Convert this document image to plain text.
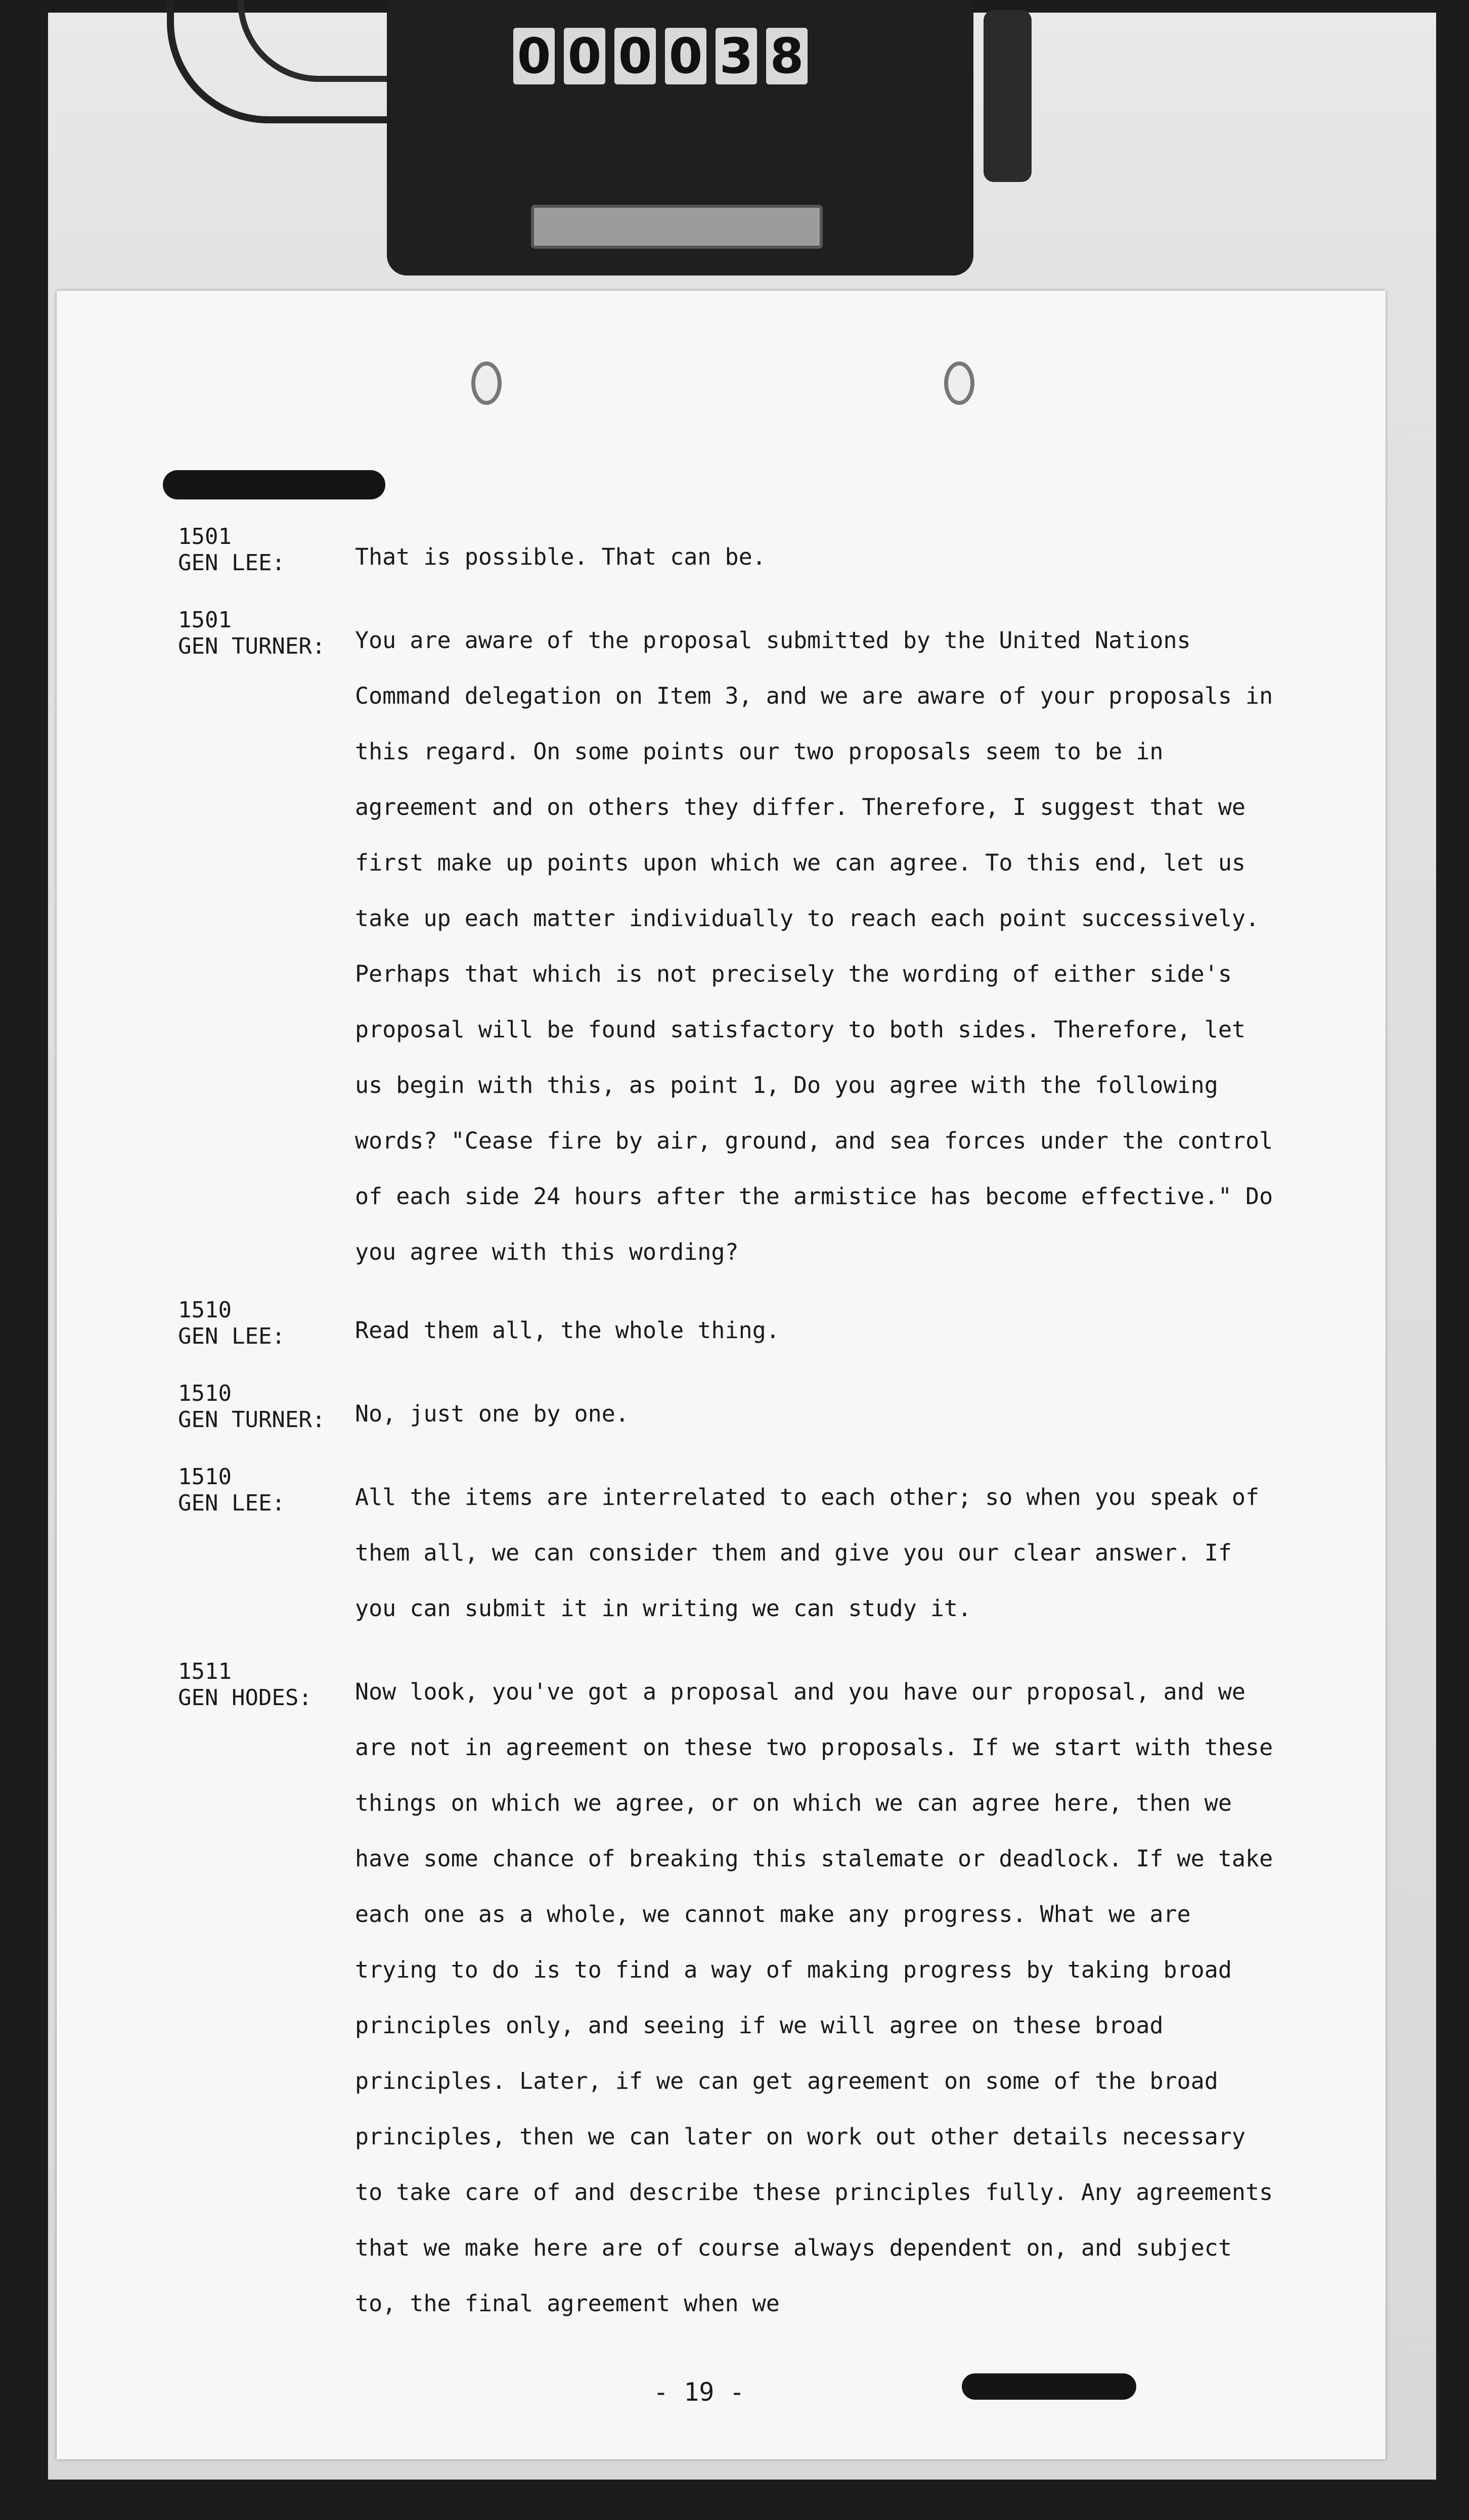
0 0 0 0 3 8
1501
GEN LEE:	That is possible. That can be.

1501
GEN TURNER: You are aware of the proposal submitted by the United Nations Command delegation on Item 3, and we are aware of your proposals in this regard. On some points our two proposals seem to be in agreement and on others they differ. Therefore, I suggest that we first make up points upon which we can agree. To this end, let us take up each matter individually to reach each point successively. Perhaps that which is not precisely the wording of either side's proposal will be found satisfactory to both sides. Therefore, let us begin with this, as point 1, Do you agree with the following words? "Cease fire by air, ground, and sea forces under the control of each side 24 hours after the armistice has become effective." Do you agree with this wording?

1510
GEN LEE:	Read them all, the whole thing.

1510
GEN TURNER: No, just one by one.

1510
GEN LEE:	All the items are interrelated to each other; so when you speak of them all, we can consider them and give you our clear answer. If you can submit it in writing we can study it.

1511
GEN HODES: Now look, you've got a proposal and you have our proposal, and we are not in agreement on these two proposals. If we start with these things on which we agree, or on which we can agree here, then we have some chance of breaking this stalemate or deadlock. If we take each one as a whole, we cannot make any progress. What we are trying to do is to find a way of making progress by taking broad principles only, and seeing if we will agree on these broad principles. Later, if we can get agreement on some of the broad principles, then we can later on work out other details necessary to take care of and describe these principles fully. Any agreements that we make here are of course always dependent on, and subject to, the final agreement when we

- 19 -
